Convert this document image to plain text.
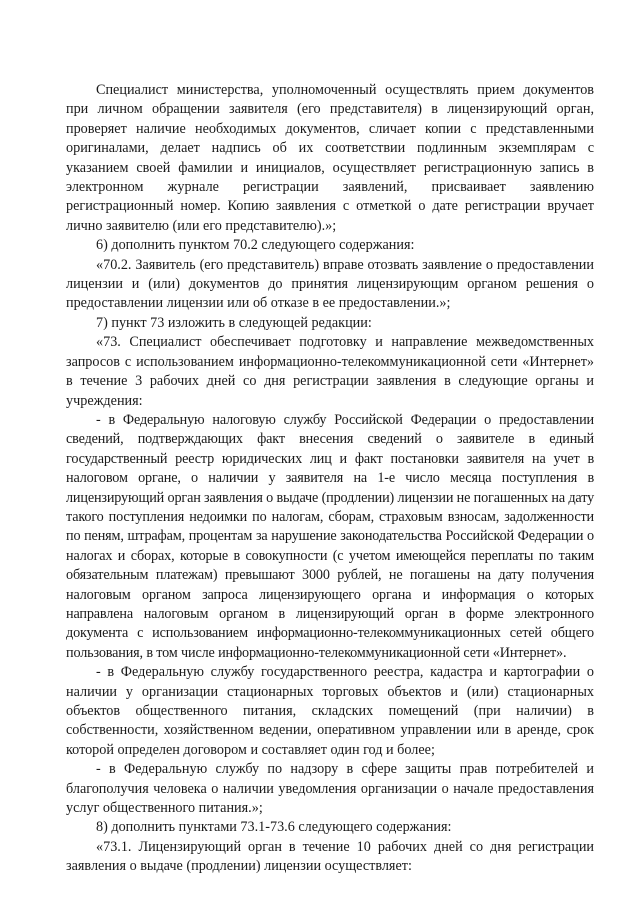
Специалист министерства, уполномоченный осуществлять прием документов при личном обращении заявителя (его представителя) в лицензирующий орган, проверяет наличие необходимых документов, сличает копии с представленными оригиналами, делает надпись об их соответствии подлинным экземплярам с указанием своей фамилии и инициалов, осуществляет регистрационную запись в электронном журнале регистрации заявлений, присваивает заявлению регистрационный номер. Копию заявления с отметкой о дате регистрации вручает лично заявителю (или его представителю).»;

6) дополнить пунктом 70.2 следующего содержания:

«70.2. Заявитель (его представитель) вправе отозвать заявление о предоставлении лицензии и (или) документов до принятия лицензирующим органом решения о предоставлении лицензии или об отказе в ее предоставлении.»;

7) пункт 73 изложить в следующей редакции:

«73. Специалист обеспечивает подготовку и направление межведомственных запросов с использованием информационно-телекоммуникационной сети «Интернет» в течение 3 рабочих дней со дня регистрации заявления в следующие органы и учреждения:

- в Федеральную налоговую службу Российской Федерации о предоставлении сведений, подтверждающих факт внесения сведений о заявителе в единый государственный реестр юридических лиц и факт постановки заявителя на учет в налоговом органе, о наличии у заявителя на 1-е число месяца поступления в лицензирующий орган заявления о выдаче (продлении) лицензии не погашенных на дату такого поступления недоимки по налогам, сборам, страховым взносам, задолженности по пеням, штрафам, процентам за нарушение законодательства Российской Федерации о налогах и сборах, которые в совокупности (с учетом имеющейся переплаты по таким обязательным платежам) превышают 3000 рублей, не погашены на дату получения налоговым органом запроса лицензирующего органа и информация о которых направлена налоговым органом в лицензирующий орган в форме электронного документа с использованием информационно-телекоммуникационных сетей общего пользования, в том числе информационно-телекоммуникационной сети «Интернет».

- в Федеральную службу государственного реестра, кадастра и картографии о наличии у организации стационарных торговых объектов и (или) стационарных объектов общественного питания, складских помещений (при наличии) в собственности, хозяйственном ведении, оперативном управлении или в аренде, срок которой определен договором и составляет один год и более;

- в Федеральную службу по надзору в сфере защиты прав потребителей и благополучия человека о наличии уведомления организации о начале предоставления услуг общественного питания.»;

8) дополнить пунктами 73.1-73.6 следующего содержания:

«73.1. Лицензирующий орган в течение 10 рабочих дней со дня регистрации заявления о выдаче (продлении) лицензии осуществляет:
